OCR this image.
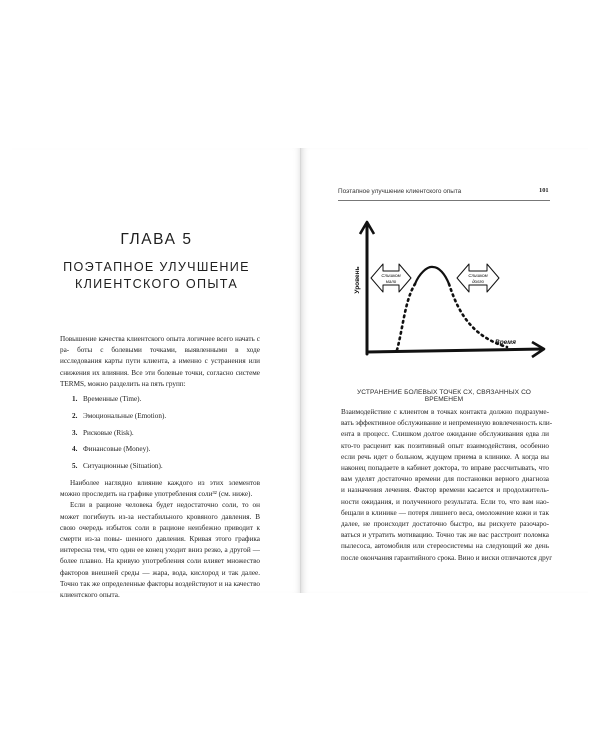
ГЛАВА 5
ПОЭТАПНОЕ УЛУЧШЕНИЕ
КЛИЕНТСКОГО ОПЫТА

Повышение качества клиентского опыта логичнее всего начать с ра- боты с болевыми точками, выявленными в ходе исследования карты пути клиента, а именно с устранения или снижения их влияния. Все эти болевые точки, согласно системе TERMS, можно разделить на пять групп:

1. Временные (Time).
2. Эмоциональные (Emotion).
3. Рисковые (Risk).
4. Финансовые (Money).
5. Ситуационные (Situation).

Наиболее наглядно влияние каждого из этих элементов можно проследить на графике употребления соли³² (см. ниже).

Если в рационе человека будет недостаточно соли, то он может погибнуть из-за нестабильного кровяного давления. В свою очередь избыток соли в рационе неизбежно приводит к смерти из-за повы- шенного давления. Кривая этого графика интересна тем, что один ее конец уходит вниз резко, а другой — более плавно. На кривую употребления соли влияет множество факторов внешней среды — жара, вода, кислород и так далее. Точно так же определенные факторы воздействуют и на качество клиентского опыта.

Поэтапное улучшение клиентского опыта	101
Уровень
Время
Слишком
мало
Слишком
долго
УСТРАНЕНИЕ БОЛЕВЫХ ТОЧЕК CX, СВЯЗАННЫХ СО ВРЕМЕНЕМ
Взаимодействие с клиентом в точках контакта должно подразуме-
вать эффективное обслуживание и непременную вовлеченность кли-
ента в процесс. Слишком долгое ожидание обслуживания едва ли
кто-то расценит как позитивный опыт взаимодействия, особенно
если речь идет о больном, ждущем приема в клинике. А когда вы
наконец попадаете в кабинет доктора, то вправе рассчитывать, что
вам уделят достаточно времени для постановки верного диагноза
и назначения лечения. Фактор времени касается и продолжитель-
ности ожидания, и полученного результата. Если то, что вам нао-
бещали в клинике — потеря лишнего веса, омоложение кожи и так
далее, не происходит достаточно быстро, вы рискуете разочаро-
ваться и утратить мотивацию. Точно так же вас расстроит поломка
пылесоса, автомобиля или стереосистемы на следующий же день
после окончания гарантийного срока. Вино и виски отличаются друг
